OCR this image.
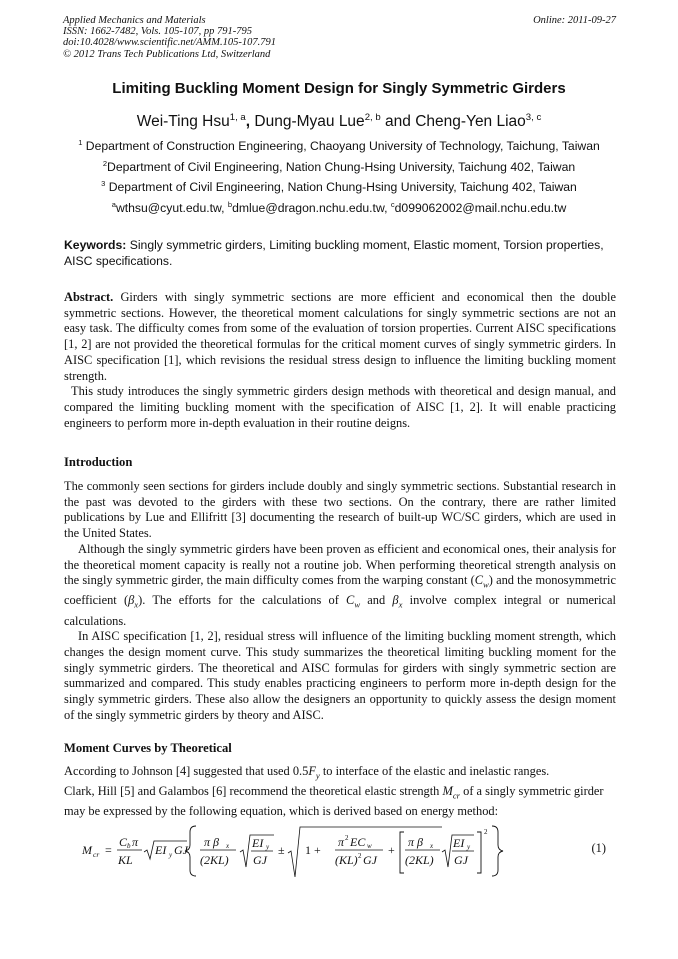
Applied Mechanics and Materials
ISSN: 1662-7482, Vols. 105-107, pp 791-795
doi:10.4028/www.scientific.net/AMM.105-107.791
© 2012 Trans Tech Publications Ltd, Switzerland
Online: 2011-09-27
Limiting Buckling Moment Design for Singly Symmetric Girders
Wei-Ting Hsu$^{1, a}$, Dung-Myau Lue$^{2, b}$ and Cheng-Yen Liao$^{3, c}$
$^1$ Department of Construction Engineering, Chaoyang University of Technology, Taichung, Taiwan
$^2$Department of Civil Engineering, Nation Chung-Hsing University, Taichung 402, Taiwan
$^3$ Department of Civil Engineering, Nation Chung-Hsing University, Taichung 402, Taiwan
$^a$wthsu@cyut.edu.tw, $^b$dmlue@dragon.nchu.edu.tw, $^c$d099062002@mail.nchu.edu.tw
Keywords: Singly symmetric girders, Limiting buckling moment, Elastic moment, Torsion properties, AISC specifications.

Abstract. Girders with singly symmetric sections are more efficient and economical then the double symmetric sections. However, the theoretical moment calculations for singly symmetric sections are not an easy task. The difficulty comes from some of the evaluation of torsion properties. Current AISC specifications [1, 2] are not provided the theoretical formulas for the critical moment curves of singly symmetric girders. In AISC specification [1], which revisions the residual stress design to influence the limiting buckling moment strength.

This study introduces the singly symmetric girders design methods with theoretical and design manual, and compared the limiting buckling moment with the specification of AISC [1, 2]. It will enable practicing engineers to perform more in-depth evaluation in their routine deigns.

Introduction

The commonly seen sections for girders include doubly and singly symmetric sections. Substantial research in the past was devoted to the girders with these two sections. On the contrary, there are rather limited publications by Lue and Ellifritt [3] documenting the research of built-up WC/SC girders, which are used in the United States.

Although the singly symmetric girders have been proven as efficient and economical ones, their analysis for the theoretical moment capacity is really not a routine job. When performing theoretical strength analysis on the singly symmetric girder, the main difficulty comes from the warping constant $(C_w)$ and the monosymmetric coefficient $(\beta_x)$. The efforts for the calculations of $C_w$ and $\beta_x$ involve complex integral or numerical calculations.

In AISC specification [1, 2], residual stress will influence of the limiting buckling moment strength, which changes the design moment curve. This study summarizes the theoretical limiting buckling moment for the singly symmetric girders. The theoretical and AISC formulas for girders with singly symmetric section are summarized and compared. This study enables practicing engineers to perform more in-depth design for the singly symmetric girders. These also allow the designers an opportunity to quickly assess the design moment of the singly symmetric girders by theory and AISC.

Moment Curves by Theoretical

According to Johnson [4] suggested that used $0.5F_y$ to interface of the elastic and inelastic ranges.

Clark, Hill [5] and Galambos [6] recommend the theoretical elastic strength $M_{cr}$ of a singly symmetric girder may be expressed by the following equation, which is derived based on energy method:

M cr =
C b π
KL
EI y GJ
π β x
(2KL)
EI y
GJ
± 1 +
π 2 EC w
(KL) 2 GJ
+
π β x
(2KL)
EI y
GJ
2
(1)
